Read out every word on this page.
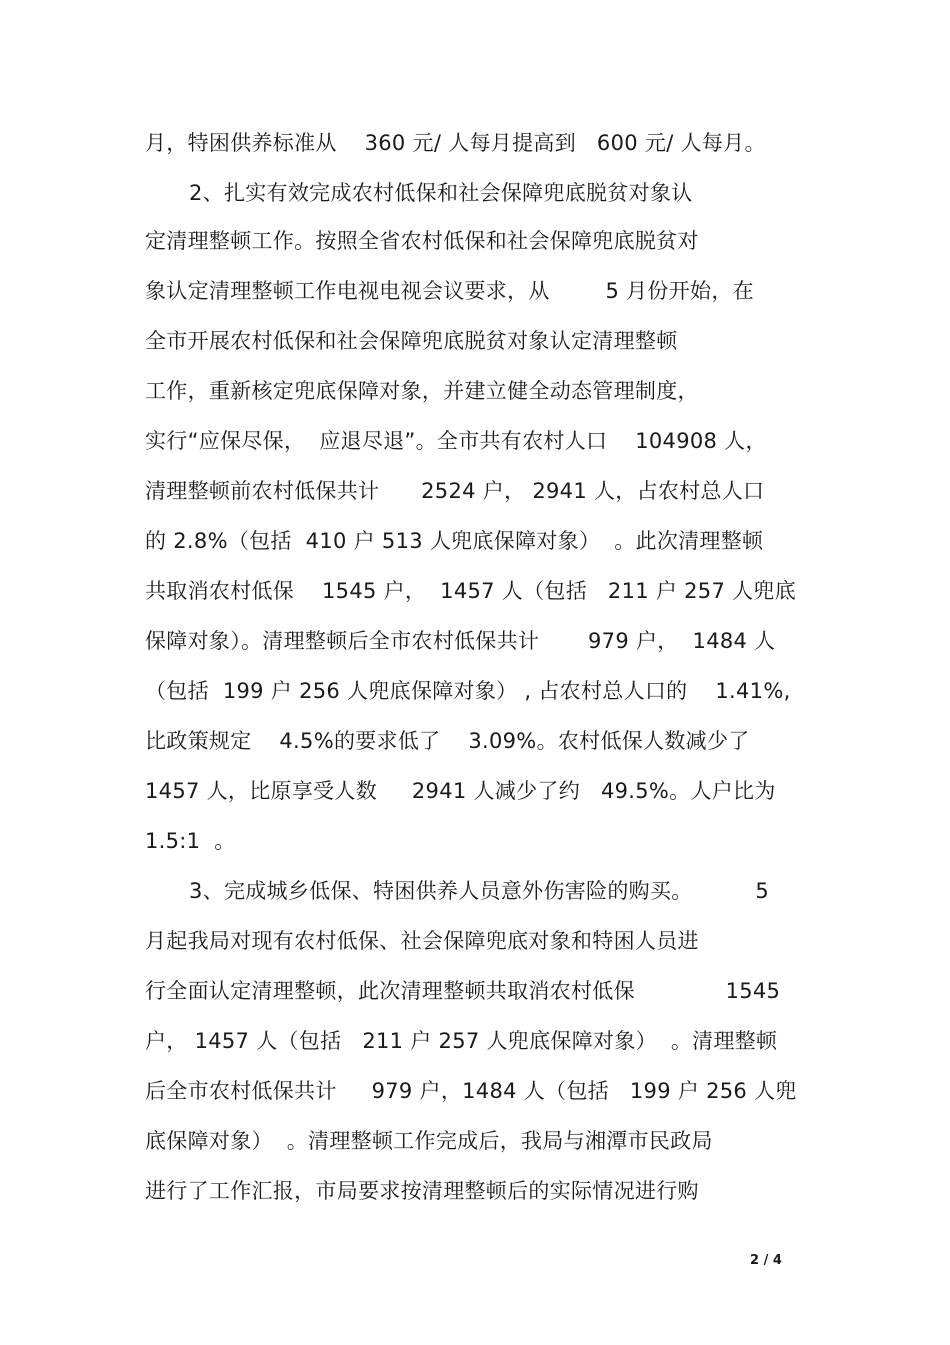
月，特困供养标准从    360 元/ 人每月提高到   600 元/ 人每月。
2、扎实有效完成农村低保和社会保障兜底脱贫对象认
定清理整顿工作。按照全省农村低保和社会保障兜底脱贫对
象认定清理整顿工作电视电视会议要求，从        5 月份开始，在
全市开展农村低保和社会保障兜底脱贫对象认定清理整顿
工作，重新核定兜底保障对象，并建立健全动态管理制度，
实行“应保尽保，  应退尽退”。全市共有农村人口    104908 人，
清理整顿前农村低保共计      2524 户， 2941 人，占农村总人口
的 2.8%（包括  410 户 513 人兜底保障对象）  。此次清理整顿
共取消农村低保    1545 户，  1457 人（包括   211 户 257 人兜底
保障对象）。清理整顿后全市农村低保共计       979 户，  1484 人
（包括  199 户 256 人兜底保障对象） , 占农村总人口的    1.41%,
比政策规定    4.5%的要求低了    3.09%。农村低保人数减少了
1457 人，比原享受人数     2941 人减少了约   49.5%。人户比为
1.5:1  。
3、完成城乡低保、特困供养人员意外伤害险的购买。         5
月起我局对现有农村低保、社会保障兜底对象和特困人员进
行全面认定清理整顿，此次清理整顿共取消农村低保             1545
户， 1457 人（包括   211 户 257 人兜底保障对象）  。清理整顿
后全市农村低保共计     979 户，1484 人（包括   199 户 256 人兜
底保障对象）  。清理整顿工作完成后，我局与湘潭市民政局
进行了工作汇报，市局要求按清理整顿后的实际情况进行购
2 / 4
